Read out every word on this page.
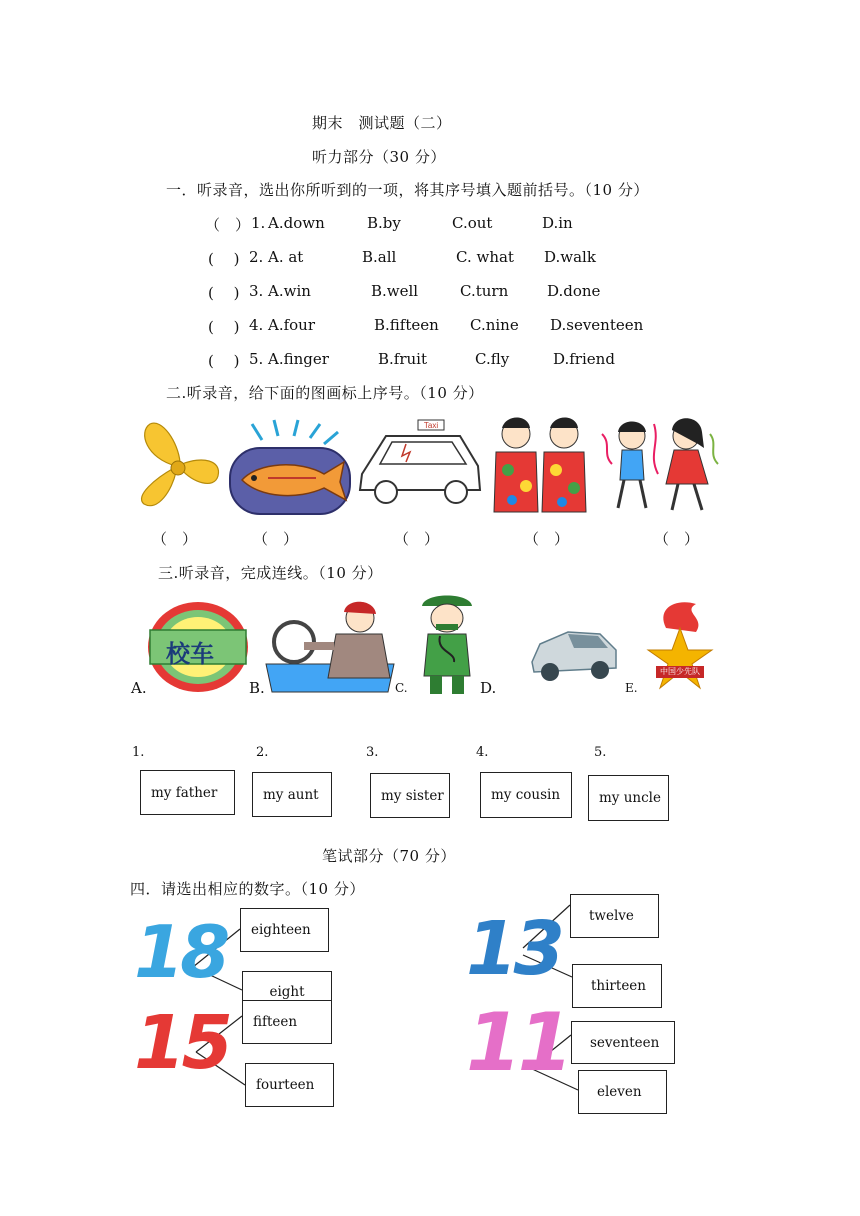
期末　测试题（二）
听力部分（30 分）
一．听录音，选出你所听到的一项，将其序号填入题前括号。（10 分）
（　） 1. A.down	B.by	C.out	D.in
(　 ) 2. A. at	B.all	C. what D.walk
(　 ) 3. A.win	B.well	C.turn	D.done
(　 ) 4. A.four	B.fifteen C.nine D.seventeen
(　 ) 5. A.finger	B.fruit	C.fly	D.friend
二.听录音，给下面的图画标上序号。（10 分）
Taxi
（　）	（　）	（　）	（　）	（　）
三.听录音，完成连线。（10 分）
校车
A.	B.	C.	D.
中国少先队
E.
1.	2.	3.	4.	5.
my father	my aunt	my sister	my cousin	my uncle
笔试部分（70 分）
四．请选出相应的数字。（10 分）
18
15
13
11
eighteen
eight
fifteen
fourteen
twelve
thirteen
seventeen
eleven
